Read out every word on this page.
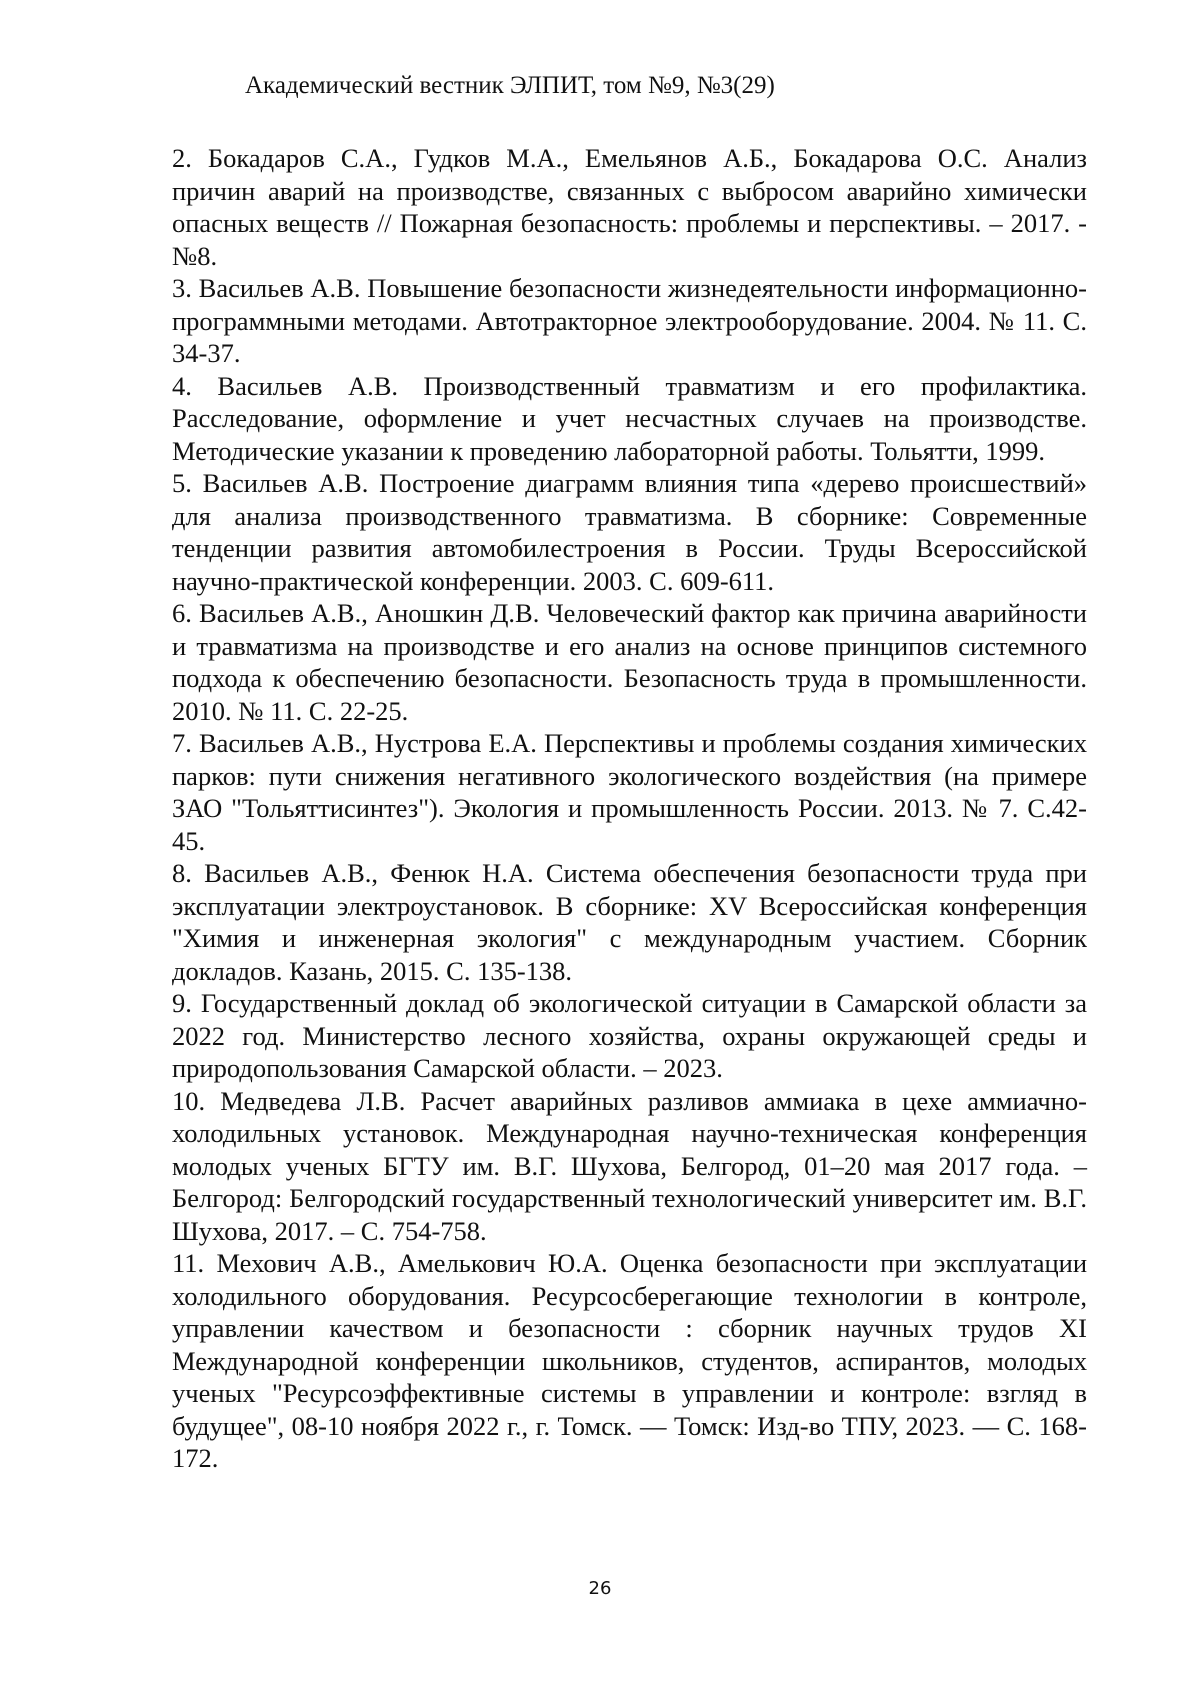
Академический вестник ЭЛПИТ, том №9, №3(29)
2. Бокадаров С.А., Гудков М.А., Емельянов А.Б., Бокадарова О.С. Анализ причин аварий на производстве, связанных с выбросом аварийно химически опасных веществ // Пожарная безопасность: проблемы и перспективы. – 2017. - №8.
3. Васильев А.В. Повышение безопасности жизнедеятельности информационно-программными методами. Автотракторное электрооборудование. 2004. № 11. С. 34-37.
4. Васильев А.В. Производственный травматизм и его профилактика. Расследование, оформление и учет несчастных случаев на производстве. Методические указании к проведению лабораторной работы. Тольятти, 1999.
5. Васильев А.В. Построение диаграмм влияния типа «дерево происшествий» для анализа производственного травматизма. В сборнике: Современные тенденции развития автомобилестроения в России. Труды Всероссийской научно-практической конференции. 2003. С. 609-611.
6. Васильев А.В., Аношкин Д.В. Человеческий фактор как причина аварийности и травматизма на производстве и его анализ на основе принципов системного подхода к обеспечению безопасности. Безопасность труда в промышленности. 2010. № 11. С. 22-25.
7. Васильев А.В., Нустрова Е.А. Перспективы и проблемы создания химических парков: пути снижения негативного экологического воздействия (на примере ЗАО "Тольяттисинтез"). Экология и промышленность России. 2013. № 7. С.42-45.
8. Васильев А.В., Фенюк Н.А. Система обеспечения безопасности труда при эксплуатации электроустановок. В сборнике: XV Всероссийская конференция "Химия и инженерная экология" с международным участием. Сборник докладов. Казань, 2015. С. 135-138.
9. Государственный доклад об экологической ситуации в Самарской области за 2022 год. Министерство лесного хозяйства, охраны окружающей среды и природопользования Самарской области. – 2023.
10. Медведева Л.В. Расчет аварийных разливов аммиака в цехе аммиачно-холодильных установок. Международная научно-техническая конференция молодых ученых БГТУ им. В.Г. Шухова, Белгород, 01–20 мая 2017 года. – Белгород: Белгородский государственный технологический университет им. В.Г. Шухова, 2017. – С. 754-758.
11. Мехович А.В., Амелькович Ю.А. Оценка безопасности при эксплуатации холодильного оборудования. Ресурсосберегающие технологии в контроле, управлении качеством и безопасности : сборник научных трудов XI Международной конференции школьников, студентов, аспирантов, молодых ученых "Ресурсоэффективные системы в управлении и контроле: взгляд в будущее", 08-10 ноября 2022 г., г. Томск. — Томск: Изд-во ТПУ, 2023. — С. 168-172.
26
